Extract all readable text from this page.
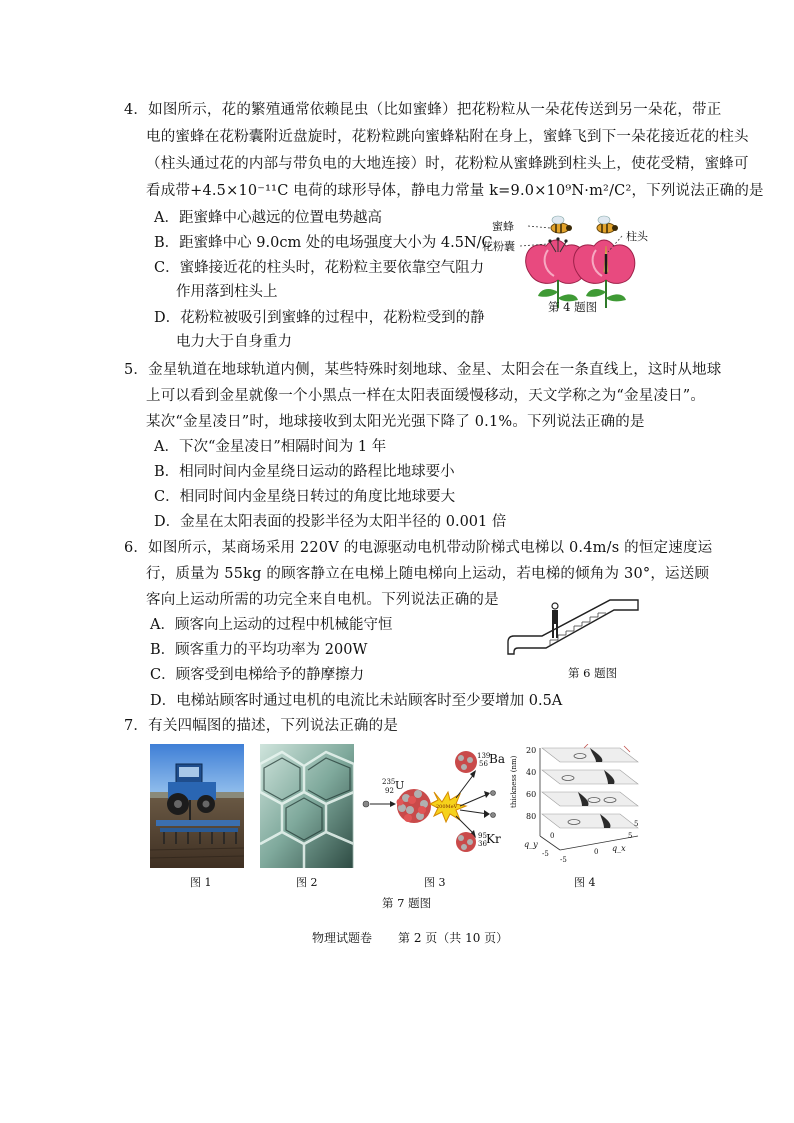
4．如图所示，花的繁殖通常依赖昆虫（比如蜜蜂）把花粉粒从一朵花传送到另一朵花，带正
电的蜜蜂在花粉囊附近盘旋时，花粉粒跳向蜜蜂粘附在身上，蜜蜂飞到下一朵花接近花的柱头
（柱头通过花的内部与带负电的大地连接）时，花粉粒从蜜蜂跳到柱头上，使花受精，蜜蜂可
看成带+4.5×10⁻¹¹C 电荷的球形导体，静电力常量 k=9.0×10⁹N·m²/C²，下列说法正确的是
A．距蜜蜂中心越远的位置电势越高
B．距蜜蜂中心 9.0cm 处的电场强度大小为 4.5N/C
C．蜜蜂接近花的柱头时，花粉粒主要依靠空气阻力
作用落到柱头上
D．花粉粒被吸引到蜜蜂的过程中，花粉粒受到的静
电力大于自身重力
蜜蜂
花粉囊
柱头
第 4 题图
5．金星轨道在地球轨道内侧，某些特殊时刻地球、金星、太阳会在一条直线上，这时从地球
上可以看到金星就像一个小黑点一样在太阳表面缓慢移动，天文学称之为“金星凌日”。
某次“金星凌日”时，地球接收到太阳光光强下降了 0.1%。下列说法正确的是
A．下次“金星凌日”相隔时间为 1 年
B．相同时间内金星绕日运动的路程比地球要小
C．相同时间内金星绕日转过的角度比地球要大
D．金星在太阳表面的投影半径为太阳半径的 0.001 倍
6．如图所示，某商场采用 220V 的电源驱动电机带动阶梯式电梯以 0.4m/s 的恒定速度运
行，质量为 55kg 的顾客静立在电梯上随电梯向上运动，若电梯的倾角为 30°，运送顾
客向上运动所需的功完全来自电机。下列说法正确的是
A．顾客向上运动的过程中机械能守恒
B．顾客重力的平均功率为 200W
C．顾客受到电梯给予的静摩擦力
D．电梯站顾客时通过电机的电流比未站顾客时至少要增加 0.5A
第 6 题图
7．有关四幅图的描述，下列说法正确的是
图 1	图 2
235
92 U
200MeV
139
56 Ba
95
36 Kr
图 3
thickness (nm)
20
40
60
80
q_y
0
-5
-5
0 q_x
5
5
图 4
第 7 题图
物理试题卷 第 2 页（共 10 页）
